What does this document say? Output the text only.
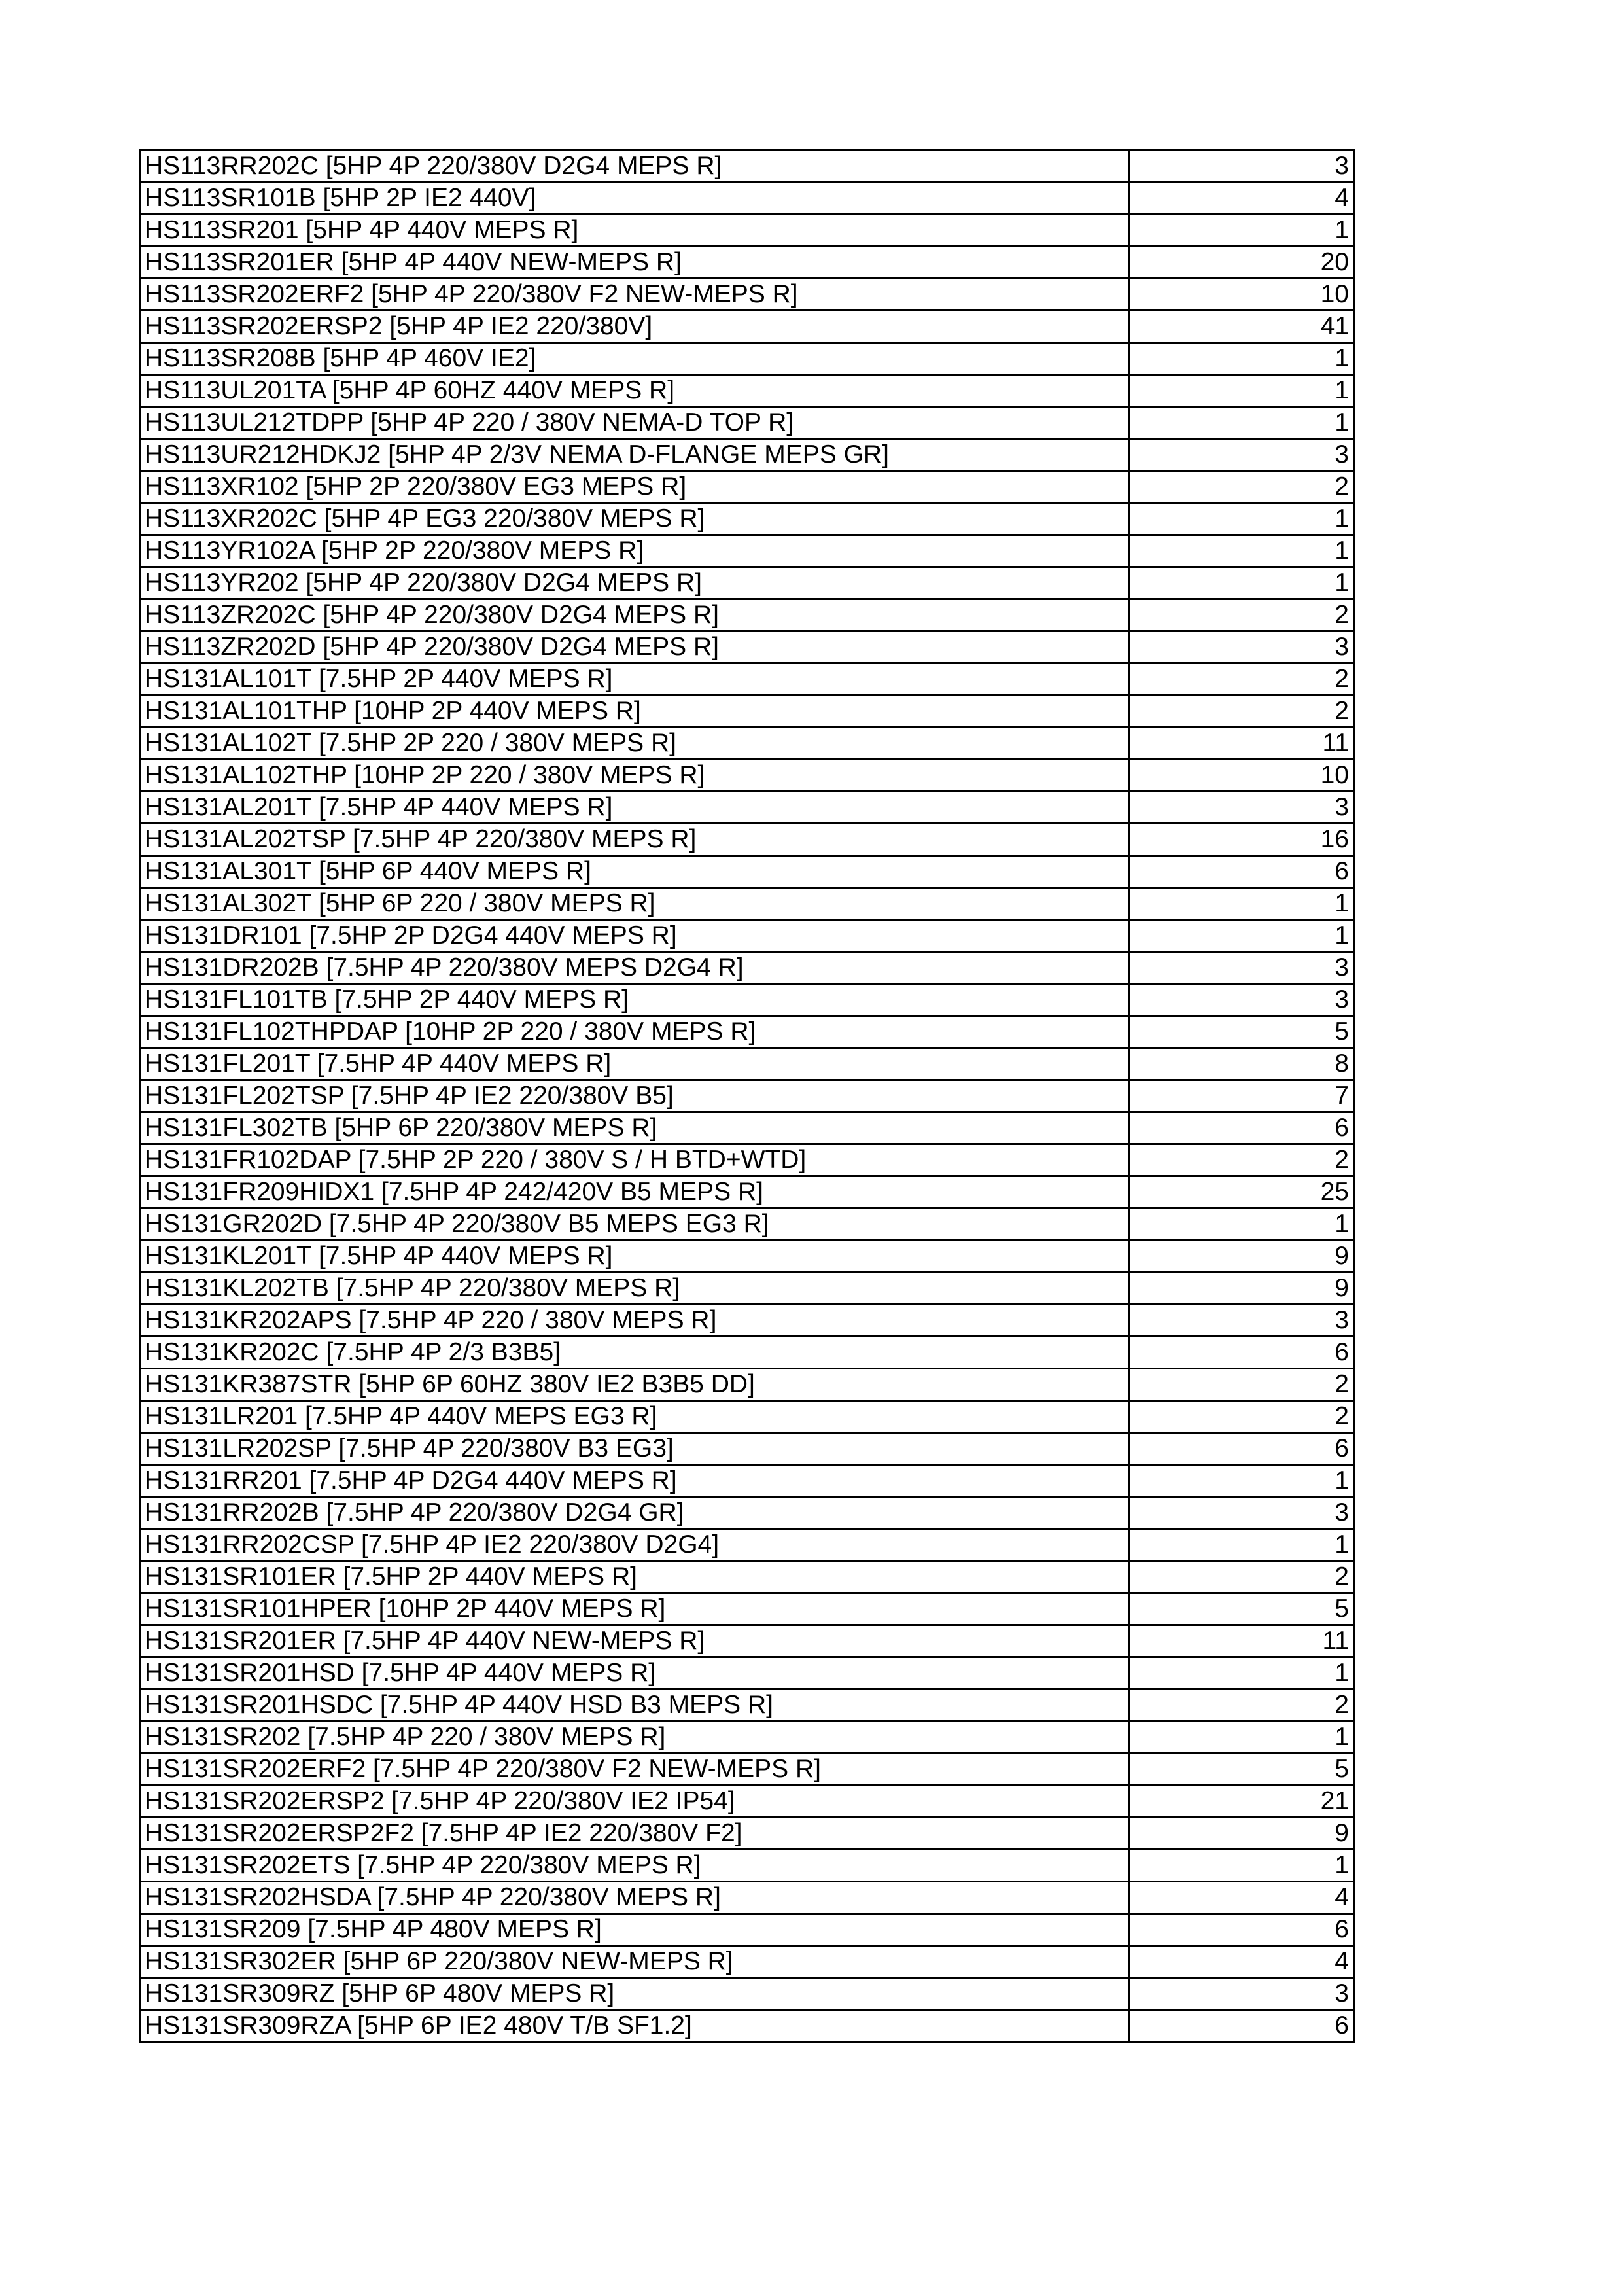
HS113RR202C [5HP 4P 220/380V D2G4 MEPS R]	3
HS113SR101B [5HP 2P IE2 440V]	4
HS113SR201 [5HP 4P 440V MEPS R]	1
HS113SR201ER [5HP 4P 440V NEW-MEPS R]	20
HS113SR202ERF2 [5HP 4P 220/380V F2 NEW-MEPS R]	10
HS113SR202ERSP2 [5HP 4P IE2 220/380V]	41
HS113SR208B [5HP 4P 460V IE2]	1
HS113UL201TA [5HP 4P 60HZ 440V MEPS R]	1
HS113UL212TDPP [5HP 4P 220 / 380V NEMA-D TOP R]	1
HS113UR212HDKJ2 [5HP 4P 2/3V NEMA D-FLANGE MEPS GR]	3
HS113XR102 [5HP 2P 220/380V EG3 MEPS R]	2
HS113XR202C [5HP 4P EG3 220/380V MEPS R]	1
HS113YR102A [5HP 2P 220/380V MEPS R]	1
HS113YR202 [5HP 4P 220/380V D2G4 MEPS R]	1
HS113ZR202C [5HP 4P 220/380V D2G4 MEPS R]	2
HS113ZR202D [5HP 4P 220/380V D2G4 MEPS R]	3
HS131AL101T [7.5HP 2P 440V MEPS R]	2
HS131AL101THP [10HP 2P 440V MEPS R]	2
HS131AL102T [7.5HP 2P 220 / 380V MEPS R]	11
HS131AL102THP [10HP 2P 220 / 380V MEPS R]	10
HS131AL201T [7.5HP 4P 440V MEPS R]	3
HS131AL202TSP [7.5HP 4P 220/380V MEPS R]	16
HS131AL301T [5HP 6P 440V MEPS R]	6
HS131AL302T [5HP 6P 220 / 380V MEPS R]	1
HS131DR101 [7.5HP 2P D2G4 440V MEPS R]	1
HS131DR202B [7.5HP 4P 220/380V MEPS D2G4 R]	3
HS131FL101TB [7.5HP 2P 440V MEPS R]	3
HS131FL102THPDAP [10HP 2P 220 / 380V MEPS R]	5
HS131FL201T [7.5HP 4P 440V MEPS R]	8
HS131FL202TSP [7.5HP 4P IE2 220/380V B5]	7
HS131FL302TB [5HP 6P 220/380V MEPS R]	6
HS131FR102DAP [7.5HP 2P 220 / 380V S / H BTD+WTD]	2
HS131FR209HIDX1 [7.5HP 4P 242/420V B5 MEPS R]	25
HS131GR202D [7.5HP 4P 220/380V B5 MEPS EG3 R]	1
HS131KL201T [7.5HP 4P 440V MEPS R]	9
HS131KL202TB [7.5HP 4P 220/380V MEPS R]	9
HS131KR202APS [7.5HP 4P 220 / 380V MEPS R]	3
HS131KR202C [7.5HP 4P 2/3 B3B5]	6
HS131KR387STR [5HP 6P 60HZ 380V IE2 B3B5 DD]	2
HS131LR201 [7.5HP 4P 440V MEPS EG3 R]	2
HS131LR202SP [7.5HP 4P 220/380V B3 EG3]	6
HS131RR201 [7.5HP 4P D2G4 440V MEPS R]	1
HS131RR202B [7.5HP 4P 220/380V D2G4 GR]	3
HS131RR202CSP [7.5HP 4P IE2 220/380V D2G4]	1
HS131SR101ER [7.5HP 2P 440V MEPS R]	2
HS131SR101HPER [10HP 2P 440V MEPS R]	5
HS131SR201ER [7.5HP 4P 440V NEW-MEPS R]	11
HS131SR201HSD [7.5HP 4P 440V MEPS R]	1
HS131SR201HSDC [7.5HP 4P 440V HSD B3 MEPS R]	2
HS131SR202 [7.5HP 4P 220 / 380V MEPS R]	1
HS131SR202ERF2 [7.5HP 4P 220/380V F2 NEW-MEPS R]	5
HS131SR202ERSP2 [7.5HP 4P 220/380V IE2 IP54]	21
HS131SR202ERSP2F2 [7.5HP 4P IE2 220/380V F2]	9
HS131SR202ETS [7.5HP 4P 220/380V MEPS R]	1
HS131SR202HSDA [7.5HP 4P 220/380V MEPS R]	4
HS131SR209 [7.5HP 4P 480V MEPS R]	6
HS131SR302ER [5HP 6P 220/380V NEW-MEPS R]	4
HS131SR309RZ [5HP 6P 480V MEPS R]	3
HS131SR309RZA [5HP 6P IE2 480V T/B SF1.2]	6
